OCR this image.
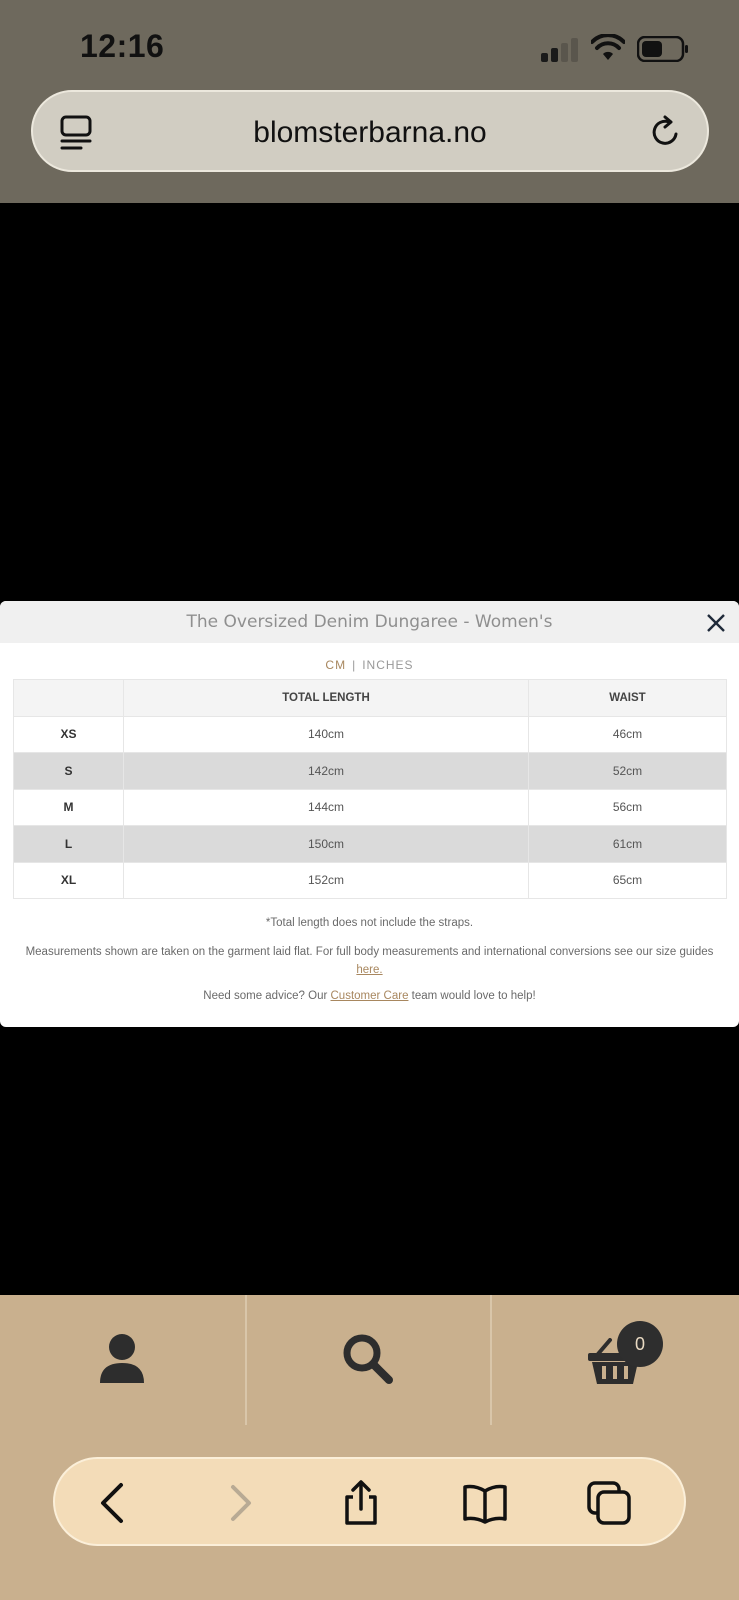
12:16
blomsterbarna.no
The Oversized Denim Dungaree - Women's
CM | INCHES
	TOTAL LENGTH	WAIST
XS	140cm	46cm
S	142cm	52cm
M	144cm	56cm
L	150cm	61cm
XL	152cm	65cm
*Total length does not include the straps.
Measurements shown are taken on the garment laid flat. For full body measurements and international conversions see our size guides here.
Need some advice? Our Customer Care team would love to help!
0
